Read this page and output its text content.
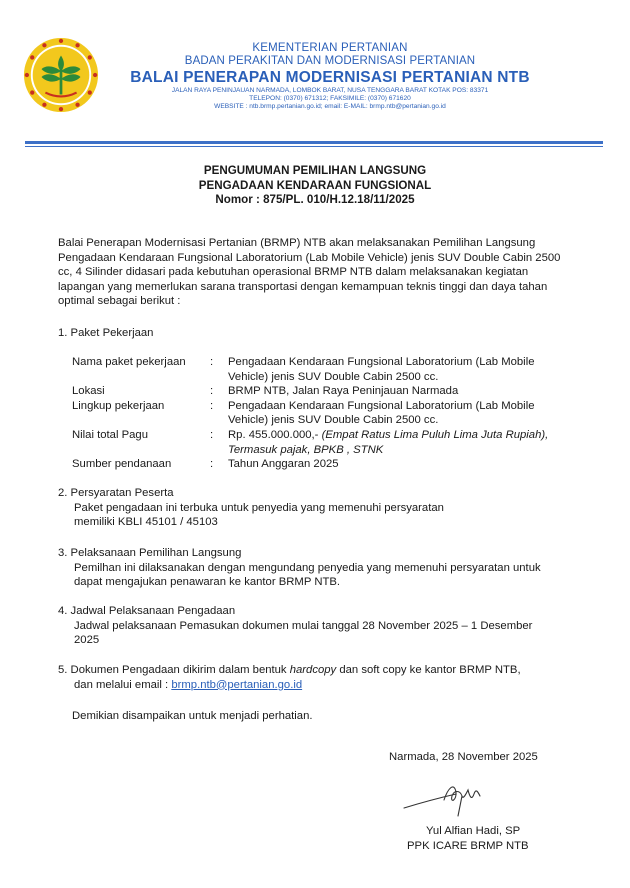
KEMENTERIAN PERTANIAN
BADAN PERAKITAN DAN MODERNISASI PERTANIAN
BALAI PENERAPAN MODERNISASI PERTANIAN NTB
JALAN RAYA PENINJAUAN NARMADA, LOMBOK BARAT, NUSA TENGGARA BARAT KOTAK POS: 83371
TELEPON: (0370) 671312; FAKSIMILE: (0370) 671620
WEBSITE : ntb.brmp.pertanian.go.id; email: E-MAIL: brmp.ntb@pertanian.go.id
PENGUMUMAN PEMILIHAN LANGSUNG
PENGADAAN KENDARAAN FUNGSIONAL
Nomor : 875/PL. 010/H.12.18/11/2025
Balai Penerapan Modernisasi Pertanian (BRMP) NTB akan melaksanakan Pemilihan Langsung Pengadaan Kendaraan Fungsional Laboratorium (Lab Mobile Vehicle) jenis SUV Double Cabin 2500 cc, 4 Silinder didasari pada kebutuhan operasional BRMP NTB dalam melaksanakan kegiatan lapangan yang memerlukan sarana transportasi dengan kemampuan teknis tinggi dan daya tahan optimal sebagai berikut :
1. Paket Pekerjaan
Nama paket pekerjaan	:	Pengadaan Kendaraan Fungsional Laboratorium (Lab Mobile Vehicle) jenis SUV Double Cabin 2500 cc.
Lokasi	:	BRMP NTB, Jalan Raya Peninjauan Narmada
Lingkup pekerjaan	:	Pengadaan Kendaraan Fungsional Laboratorium (Lab Mobile Vehicle) jenis SUV Double Cabin 2500 cc.
Nilai total Pagu	:	Rp. 455.000.000,- (Empat Ratus Lima Puluh Lima Juta Rupiah), Termasuk pajak, BPKB , STNK
Sumber pendanaan	:	Tahun Anggaran 2025
2. Persyaratan Peserta
Paket pengadaan ini terbuka untuk penyedia yang memenuhi persyaratan memiliki KBLI 45101 / 45103
3. Pelaksanaan Pemilihan Langsung
Pemilhan ini dilaksanakan dengan mengundang penyedia yang memenuhi persyaratan untuk dapat mengajukan penawaran ke kantor BRMP NTB.
4. Jadwal Pelaksanaan Pengadaan
Jadwal pelaksanaan Pemasukan dokumen mulai tanggal 28 November 2025 – 1 Desember 2025
5. Dokumen Pengadaan dikirim dalam bentuk hardcopy dan soft copy ke kantor BRMP NTB,
dan melalui email : brmp.ntb@pertanian.go.id
Demikian disampaikan untuk menjadi perhatian.
Narmada, 28 November 2025
Yul Alfian Hadi, SP
PPK ICARE BRMP NTB
